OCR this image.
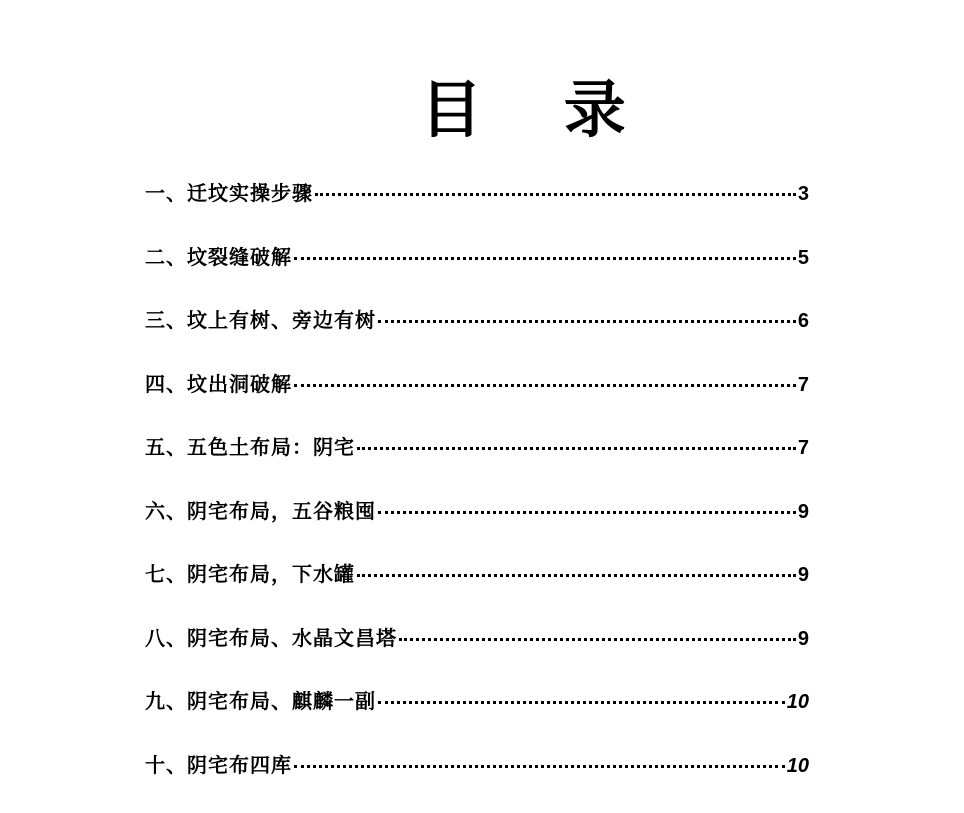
目 录
一、迁坟实操步骤	3
二、坟裂缝破解	5
三、坟上有树、旁边有树	6
四、坟出洞破解	7
五、五色土布局：阴宅	7
六、阴宅布局，五谷粮囤	9
七、阴宅布局，下水罐	9
八、阴宅布局、水晶文昌塔	9
九、阴宅布局、麒麟一副	10
十、阴宅布四库	10
